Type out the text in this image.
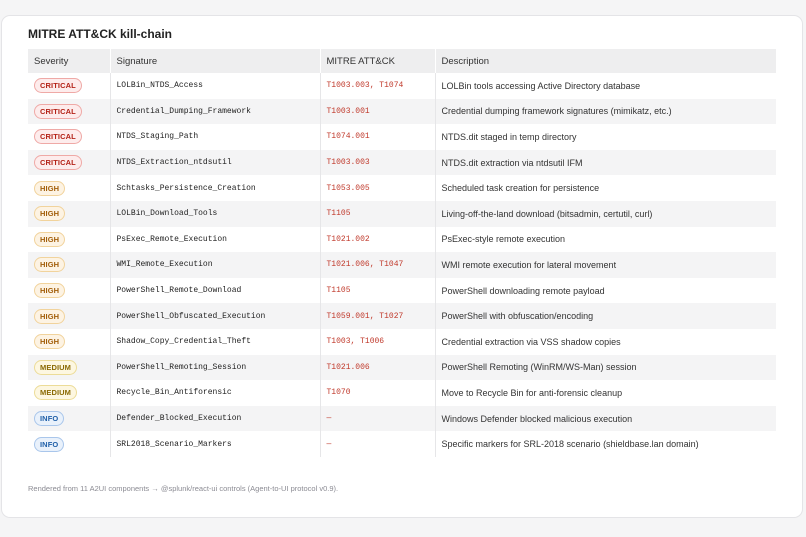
MITRE ATT&CK kill-chain
Severity	Signature	MITRE ATT&CK	Description
CRITICAL	LOLBin_NTDS_Access	T1003.003, T1074	LOLBin tools accessing Active Directory database
CRITICAL	Credential_Dumping_Framework	T1003.001	Credential dumping framework signatures (mimikatz, etc.)
CRITICAL	NTDS_Staging_Path	T1074.001	NTDS.dit staged in temp directory
CRITICAL	NTDS_Extraction_ntdsutil	T1003.003	NTDS.dit extraction via ntdsutil IFM
HIGH	Schtasks_Persistence_Creation	T1053.005	Scheduled task creation for persistence
HIGH	LOLBin_Download_Tools	T1105	Living-off-the-land download (bitsadmin, certutil, curl)
HIGH	PsExec_Remote_Execution	T1021.002	PsExec-style remote execution
HIGH	WMI_Remote_Execution	T1021.006, T1047	WMI remote execution for lateral movement
HIGH	PowerShell_Remote_Download	T1105	PowerShell downloading remote payload
HIGH	PowerShell_Obfuscated_Execution	T1059.001, T1027	PowerShell with obfuscation/encoding
HIGH	Shadow_Copy_Credential_Theft	T1003, T1006	Credential extraction via VSS shadow copies
MEDIUM	PowerShell_Remoting_Session	T1021.006	PowerShell Remoting (WinRM/WS-Man) session
MEDIUM	Recycle_Bin_Antiforensic	T1070	Move to Recycle Bin for anti-forensic cleanup
INFO	Defender_Blocked_Execution	—	Windows Defender blocked malicious execution
INFO	SRL2018_Scenario_Markers	—	Specific markers for SRL-2018 scenario (shieldbase.lan domain)
Rendered from 11 A2UI components → @splunk/react-ui controls (Agent-to-UI protocol v0.9).
